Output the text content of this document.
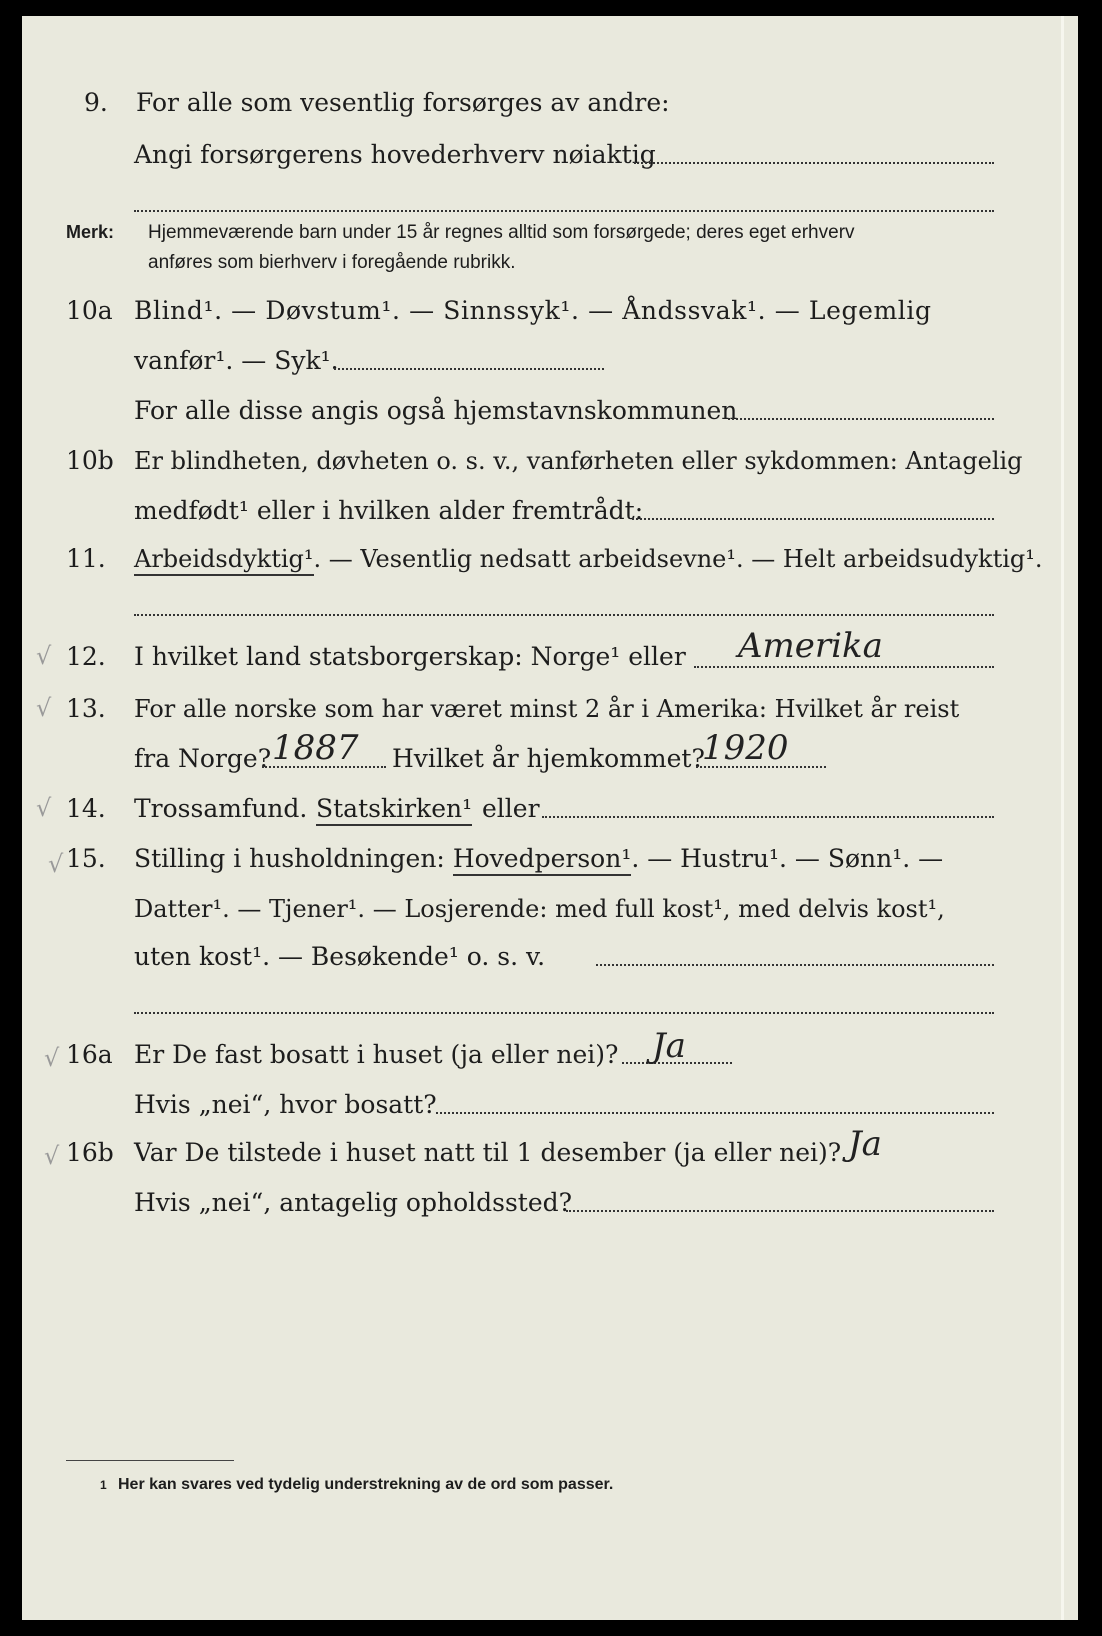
9. For alle som vesentlig forsørges av andre:
Angi forsørgerens hovederhverv nøiaktig
Merk: Hjemmeværende barn under 15 år regnes alltid som forsørgede; deres eget erhverv
anføres som bierhverv i foregående rubrikk.
10a Blind¹. — Døvstum¹. — Sinnssyk¹. — Åndssvak¹. — Legemlig
vanfør¹. — Syk¹.
For alle disse angis også hjemstavnskommunen
10b Er blindheten, døvheten o. s. v., vanførheten eller sykdommen: Antagelig
medfødt¹ eller i hvilken alder fremtrådt:
11. Arbeidsdyktig¹. — Vesentlig nedsatt arbeidsevne¹. — Helt arbeidsudyktig¹.
√ 12. I hvilket land statsborgerskap: Norge¹ eller Amerika
√ 13. For alle norske som har været minst 2 år i Amerika: Hvilket år reist
fra Norge? 1887 Hvilket år hjemkommet?
1920
√ 14. Trossamfund. Statskirken¹ eller
√ 15. Stilling i husholdningen: Hovedperson¹. — Hustru¹. — Sønn¹. —
Datter¹. — Tjener¹. — Losjerende: med full kost¹, med delvis kost¹,
uten kost¹. — Besøkende¹ o. s. v.
√ 16a Er De fast bosatt i huset (ja eller nei)? Ja
Hvis „nei“, hvor bosatt?
√ 16b Var De tilstede i huset natt til 1 desember (ja eller nei)? Ja
Hvis „nei“, antagelig opholdssted?
1 Her kan svares ved tydelig understrekning av de ord som passer.
